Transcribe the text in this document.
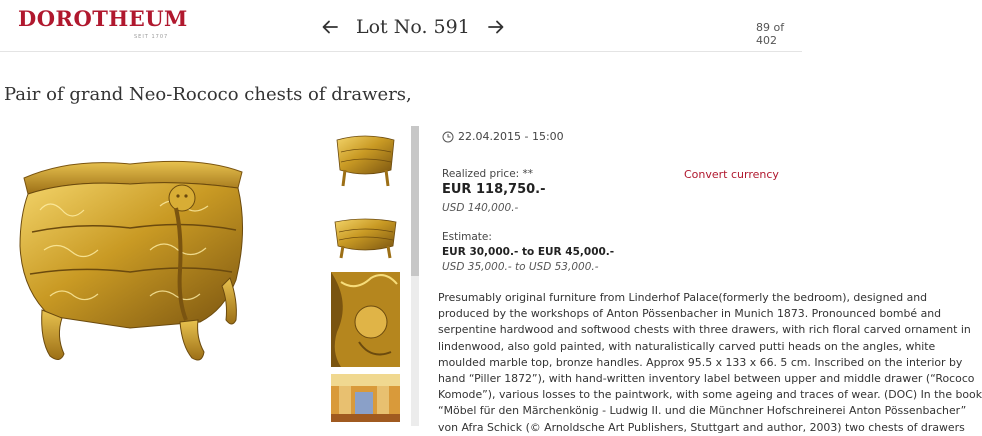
DOROTHEUM
SEIT 1707	Lot No. 591	89 of 402
Pair of grand Neo-Rococo chests of drawers,
22.04.2015 - 15:00
Realized price: **
EUR 118,750.-
USD 140,000.-
Convert currency
Estimate:
EUR 30,000.- to EUR 45,000.-
USD 35,000.- to USD 53,000.-
Presumably original furniture from Linderhof Palace(formerly the bedroom), designed and
produced by the workshops of Anton Pössenbacher in Munich 1873. Pronounced bombé and
serpentine hardwood and softwood chests with three drawers, with rich floral carved ornament in
lindenwood, also gold painted, with naturalistically carved putti heads on the angles, white
moulded marble top, bronze handles. Approx 95.5 x 133 x 66. 5 cm. Inscribed on the interior by
hand “Piller 1872”), with hand-written inventory label between upper and middle drawer (“Rococo
Komode”), various losses to the paintwork, with some ageing and traces of wear. (DOC) In the book
“Möbel für den Märchenkönig - Ludwig II. und die Münchner Hofschreinerei Anton Pössenbacher”
von Afra Schick (© Arnoldsche Art Publishers, Stuttgart and author, 2003) two chests of drawers
